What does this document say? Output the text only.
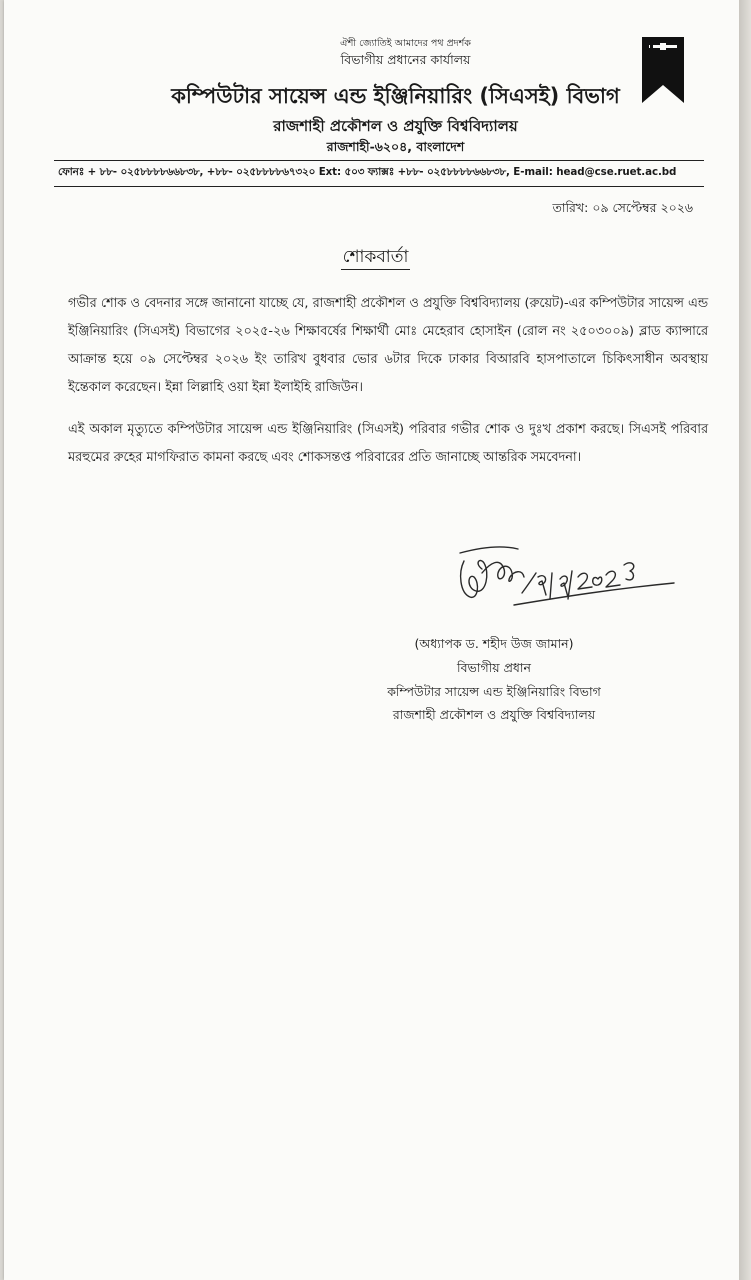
ঐশী জ্যোতিই আমাদের পথ প্রদর্শক
বিভাগীয় প্রধানের কার্যালয়
কম্পিউটার সায়েন্স এন্ড ইঞ্জিনিয়ারিং (সিএসই) বিভাগ
রাজশাহী প্রকৌশল ও প্রযুক্তি বিশ্ববিদ্যালয়
রাজশাহী-৬২০৪, বাংলাদেশ
ফোনঃ + ৮৮- ০২৫৮৮৮৮৬৬৮৩৮, +৮৮- ০২৫৮৮৮৮৬৭৩২০ Ext: ৫০৩ ফ্যাক্সঃ +৮৮- ০২৫৮৮৮৮৬৬৮৩৮, E-mail: head@cse.ruet.ac.bd
তারিখ: ০৯ সেপ্টেম্বর ২০২৬
শোকবার্তা

গভীর শোক ও বেদনার সঙ্গে জানানো যাচ্ছে যে, রাজশাহী প্রকৌশল ও প্রযুক্তি বিশ্ববিদ্যালয় (রুয়েট)-এর কম্পিউটার সায়েন্স এন্ড ইঞ্জিনিয়ারিং (সিএসই) বিভাগের ২০২৫-২৬ শিক্ষাবর্ষের শিক্ষার্থী মোঃ মেহেরাব হোসাইন (রোল নং ২৫০৩০০৯) ব্লাড ক্যান্সারে আক্রান্ত হয়ে ০৯ সেপ্টেম্বর ২০২৬ ইং তারিখ বুধবার ভোর ৬টার দিকে ঢাকার বিআরবি হাসপাতালে চিকিৎসাধীন অবস্থায় ইন্তেকাল করেছেন। ইন্না লিল্লাহি ওয়া ইন্না ইলাইহি রাজিউন।

এই অকাল মৃত্যুতে কম্পিউটার সায়েন্স এন্ড ইঞ্জিনিয়ারিং (সিএসই) পরিবার গভীর শোক ও দুঃখ প্রকাশ করছে। সিএসই পরিবার মরহুমের রুহের মাগফিরাত কামনা করছে এবং শোকসন্তপ্ত পরিবারের প্রতি জানাচ্ছে আন্তরিক সমবেদনা।

(অধ্যাপক ড. শহীদ উজ জামান)
বিভাগীয় প্রধান
কম্পিউটার সায়েন্স এন্ড ইঞ্জিনিয়ারিং বিভাগ
রাজশাহী প্রকৌশল ও প্রযুক্তি বিশ্ববিদ্যালয়
